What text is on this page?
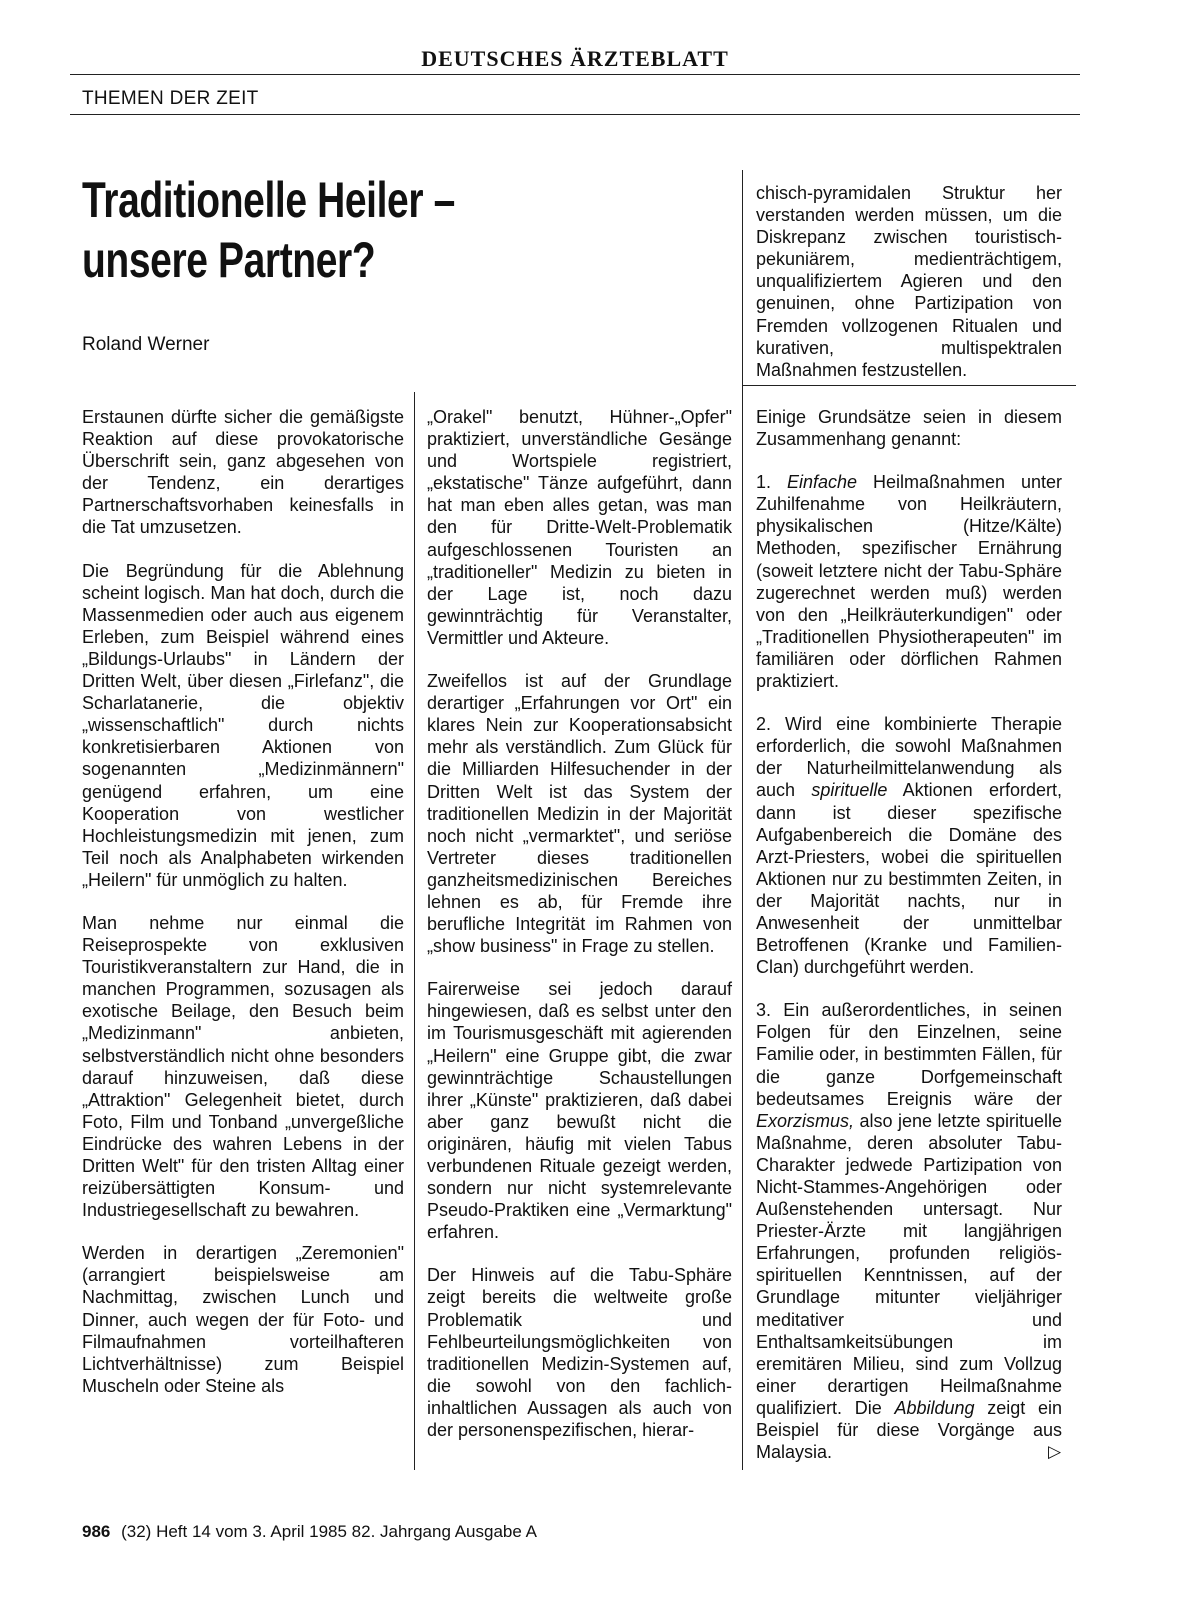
DEUTSCHES ÄRZTEBLATT
THEMEN DER ZEIT
Traditionelle Heiler –
unsere Partner?
Roland Werner

Erstaunen dürfte sicher die gemäßigste Reaktion auf diese provokatorische Überschrift sein, ganz abgesehen von der Tendenz, ein derartiges Partnerschaftsvorhaben keinesfalls in die Tat umzusetzen.

Die Begründung für die Ablehnung scheint logisch. Man hat doch, durch die Massenmedien oder auch aus eigenem Erleben, zum Beispiel während eines „Bildungs-Urlaubs" in Ländern der Dritten Welt, über diesen „Firlefanz", die Scharlatanerie, die objektiv „wissenschaftlich" durch nichts konkretisierbaren Aktionen von sogenannten „Medizinmännern" genügend erfahren, um eine Kooperation von westlicher Hochleistungsmedizin mit jenen, zum Teil noch als Analphabeten wirkenden „Heilern" für unmöglich zu halten.

Man nehme nur einmal die Reiseprospekte von exklusiven Touristikveranstaltern zur Hand, die in manchen Programmen, sozusagen als exotische Beilage, den Besuch beim „Medizinmann" anbieten, selbstverständlich nicht ohne besonders darauf hinzuweisen, daß diese „Attraktion" Gelegenheit bietet, durch Foto, Film und Tonband „unvergeßliche Eindrücke des wahren Lebens in der Dritten Welt" für den tristen Alltag einer reizübersättigten Konsum- und Industriegesellschaft zu bewahren.

Werden in derartigen „Zeremonien" (arrangiert beispielsweise am Nachmittag, zwischen Lunch und Dinner, auch wegen der für Foto- und Filmaufnahmen vorteilhafteren Lichtverhältnisse) zum Beispiel Muscheln oder Steine als

„Orakel" benutzt, Hühner-„Opfer" praktiziert, unverständliche Gesänge und Wortspiele registriert, „ekstatische" Tänze aufgeführt, dann hat man eben alles getan, was man den für Dritte-Welt-Problematik aufgeschlossenen Touristen an „traditioneller" Medizin zu bieten in der Lage ist, noch dazu gewinnträchtig für Veranstalter, Vermittler und Akteure.

Zweifellos ist auf der Grundlage derartiger „Erfahrungen vor Ort" ein klares Nein zur Kooperationsabsicht mehr als verständlich. Zum Glück für die Milliarden Hilfesuchender in der Dritten Welt ist das System der traditionellen Medizin in der Majorität noch nicht „vermarktet", und seriöse Vertreter dieses traditionellen ganzheitsmedizinischen Bereiches lehnen es ab, für Fremde ihre berufliche Integrität im Rahmen von „show business" in Frage zu stellen.

Fairerweise sei jedoch darauf hingewiesen, daß es selbst unter den im Tourismusgeschäft mit agierenden „Heilern" eine Gruppe gibt, die zwar gewinnträchtige Schaustellungen ihrer „Künste" praktizieren, daß dabei aber ganz bewußt nicht die originären, häufig mit vielen Tabus verbundenen Rituale gezeigt werden, sondern nur nicht systemrelevante Pseudo-Praktiken eine „Vermarktung" erfahren.

Der Hinweis auf die Tabu-Sphäre zeigt bereits die weltweite große Problematik und Fehlbeurteilungsmöglichkeiten von traditionellen Medizin-Systemen auf, die sowohl von den fachlich-inhaltlichen Aussagen als auch von der personenspezifischen, hierar-

chisch-pyramidalen Struktur her verstanden werden müssen, um die Diskrepanz zwischen touristisch-pekuniärem, medienträchtigem, unqualifiziertem Agieren und den genuinen, ohne Partizipation von Fremden vollzogenen Ritualen und kurativen, multispektralen Maßnahmen festzustellen.

Einige Grundsätze seien in diesem Zusammenhang genannt:

1. Einfache Heilmaßnahmen unter Zuhilfenahme von Heilkräutern, physikalischen (Hitze/Kälte) Methoden, spezifischer Ernährung (soweit letztere nicht der Tabu-Sphäre zugerechnet werden muß) werden von den „Heilkräuterkundigen" oder „Traditionellen Physiotherapeuten" im familiären oder dörflichen Rahmen praktiziert.

2. Wird eine kombinierte Therapie erforderlich, die sowohl Maßnahmen der Naturheilmittelanwendung als auch spirituelle Aktionen erfordert, dann ist dieser spezifische Aufgabenbereich die Domäne des Arzt-Priesters, wobei die spirituellen Aktionen nur zu bestimmten Zeiten, in der Majorität nachts, nur in Anwesenheit der unmittelbar Betroffenen (Kranke und Familien-Clan) durchgeführt werden.

3. Ein außerordentliches, in seinen Folgen für den Einzelnen, seine Familie oder, in bestimmten Fällen, für die ganze Dorfgemeinschaft bedeutsames Ereignis wäre der Exorzismus, also jene letzte spirituelle Maßnahme, deren absoluter Tabu-Charakter jedwede Partizipation von Nicht-Stammes-Angehörigen oder Außenstehenden untersagt. Nur Priester-Ärzte mit langjährigen Erfahrungen, profunden religiös-spirituellen Kenntnissen, auf der Grundlage mitunter vieljähriger meditativer und Enthaltsamkeitsübungen im eremitären Milieu, sind zum Vollzug einer derartigen Heilmaßnahme qualifiziert. Die Abbildung zeigt ein Beispiel für diese Vorgänge aus Malaysia.	▷
986 (32) Heft 14 vom 3. April 1985 82. Jahrgang Ausgabe A
